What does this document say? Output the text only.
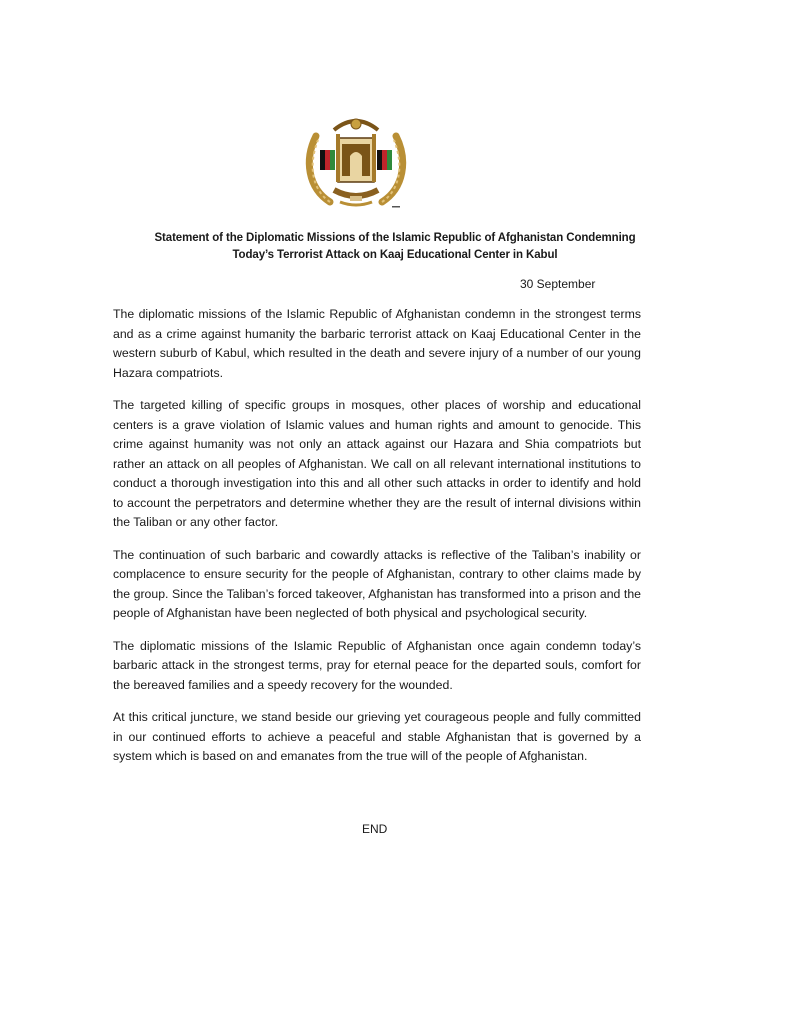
Statement of the Diplomatic Missions of the Islamic Republic of Afghanistan Condemning
Today’s Terrorist Attack on Kaaj Educational Center in Kabul
30 September

The diplomatic missions of the Islamic Republic of Afghanistan condemn in the strongest terms and as a crime against humanity the barbaric terrorist attack on Kaaj Educational Center in the western suburb of Kabul, which resulted in the death and severe injury of a number of our young Hazara compatriots.

The targeted killing of specific groups in mosques, other places of worship and educational centers is a grave violation of Islamic values and human rights and amount to genocide. This crime against humanity was not only an attack against our Hazara and Shia compatriots but rather an attack on all peoples of Afghanistan. We call on all relevant international institutions to conduct a thorough investigation into this and all other such attacks in order to identify and hold to account the perpetrators and determine whether they are the result of internal divisions within the Taliban or any other factor.

The continuation of such barbaric and cowardly attacks is reflective of the Taliban’s inability or complacence to ensure security for the people of Afghanistan, contrary to other claims made by the group. Since the Taliban’s forced takeover, Afghanistan has transformed into a prison and the people of Afghanistan have been neglected of both physical and psychological security.

The diplomatic missions of the Islamic Republic of Afghanistan once again condemn today’s barbaric attack in the strongest terms, pray for eternal peace for the departed souls, comfort for the bereaved families and a speedy recovery for the wounded.

At this critical juncture, we stand beside our grieving yet courageous people and fully committed in our continued efforts to achieve a peaceful and stable Afghanistan that is governed by a system which is based on and emanates from the true will of the people of Afghanistan.

END
